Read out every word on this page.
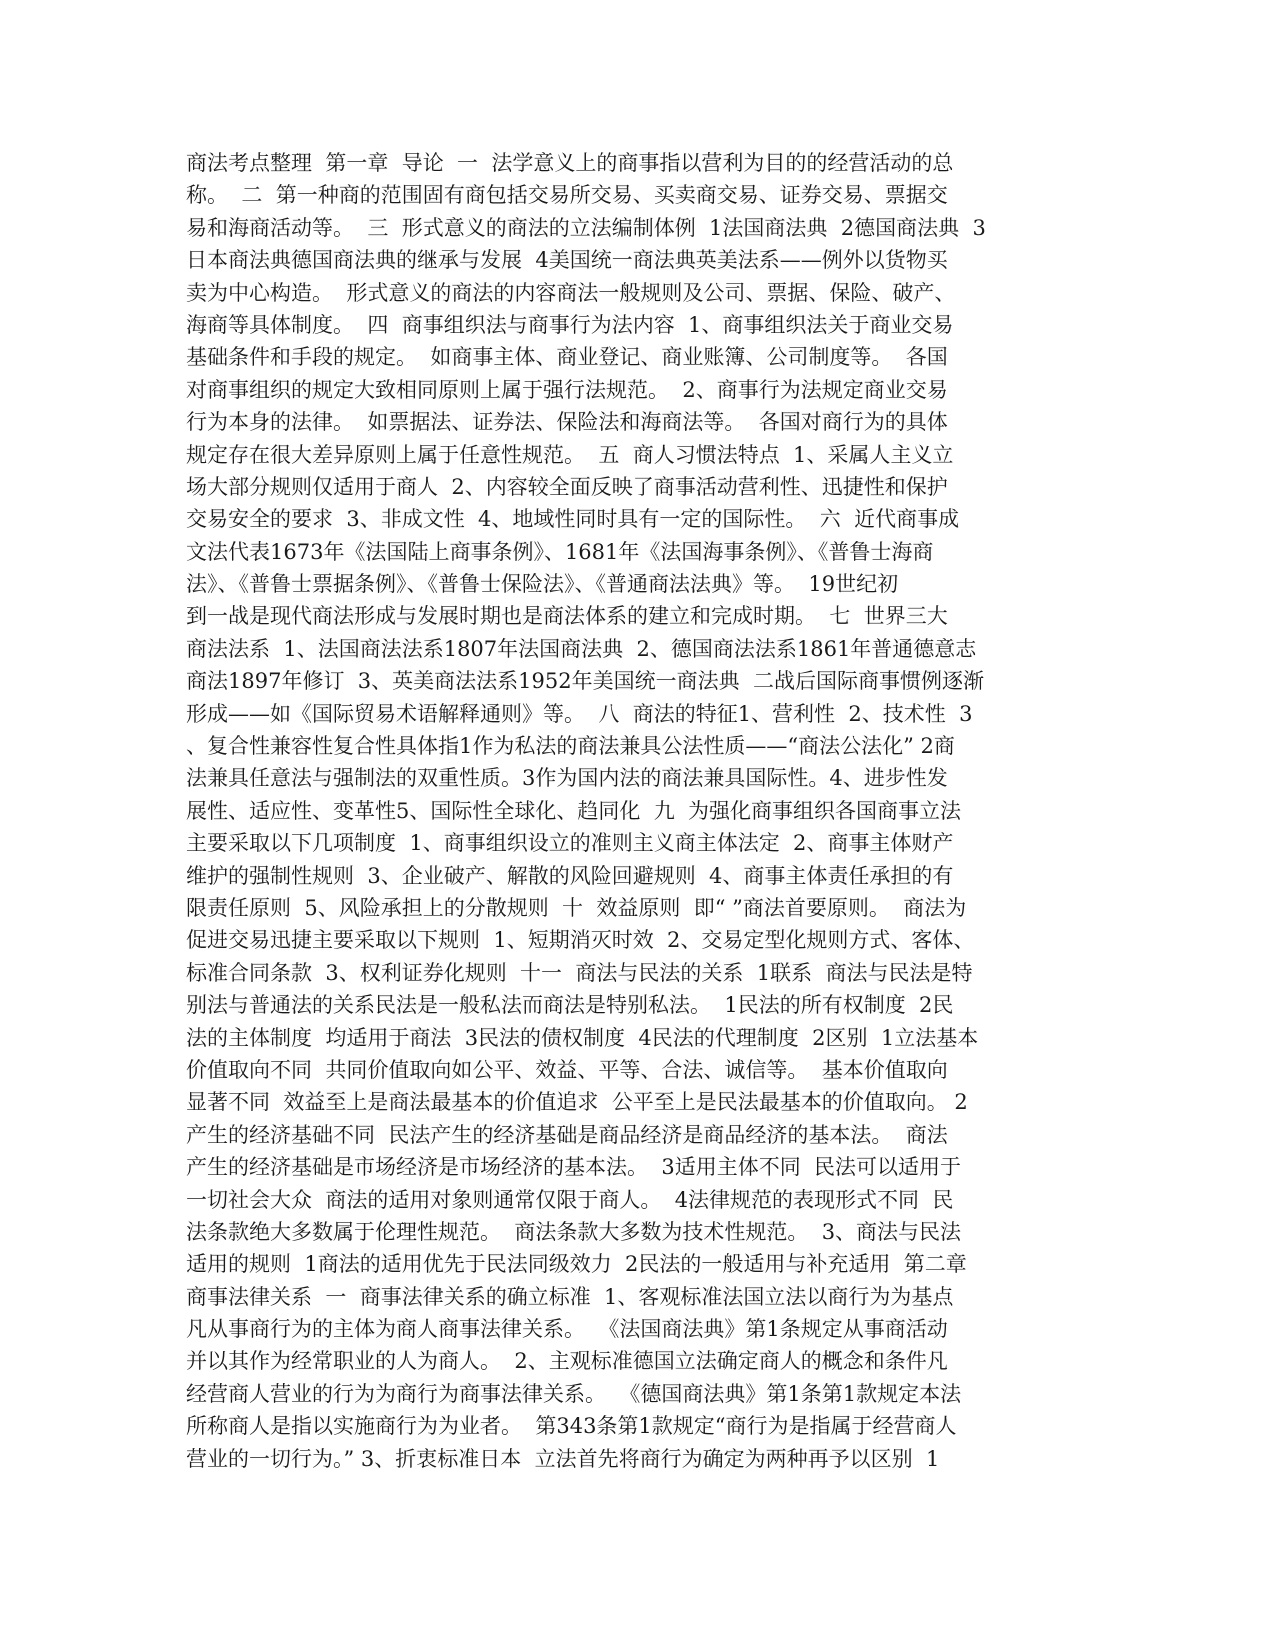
商法考点整理  第一章  导论  一  法学意义上的商事指以营利为目的的经营活动的总
称。  二  第一种商的范围固有商包括交易所交易、买卖商交易、证券交易、票据交
易和海商活动等。  三  形式意义的商法的立法编制体例  1法国商法典  2德国商法典  3
日本商法典德国商法典的继承与发展  4美国统一商法典英美法系——例外以货物买
卖为中心构造。  形式意义的商法的内容商法一般规则及公司、票据、保险、破产、
海商等具体制度。  四  商事组织法与商事行为法内容  1、商事组织法关于商业交易
基础条件和手段的规定。  如商事主体、商业登记、商业账簿、公司制度等。  各国
对商事组织的规定大致相同原则上属于强行法规范。  2、商事行为法规定商业交易
行为本身的法律。  如票据法、证券法、保险法和海商法等。  各国对商行为的具体
规定存在很大差异原则上属于任意性规范。  五  商人习惯法特点  1、采属人主义立
场大部分规则仅适用于商人  2、内容较全面反映了商事活动营利性、迅捷性和保护
交易安全的要求  3、非成文性  4、地域性同时具有一定的国际性。  六  近代商事成
文法代表1673年《法国陆上商事条例》、1681年《法国海事条例》、《普鲁士海商
法》、《普鲁士票据条例》、《普鲁士保险法》、《普通商法法典》等。  19世纪初
到一战是现代商法形成与发展时期也是商法体系的建立和完成时期。  七  世界三大
商法法系  1、法国商法法系1807年法国商法典  2、德国商法法系1861年普通德意志
商法1897年修订  3、英美商法法系1952年美国统一商法典  二战后国际商事惯例逐渐
形成——如《国际贸易术语解释通则》等。  八  商法的特征1、营利性  2、技术性  3
、复合性兼容性复合性具体指1作为私法的商法兼具公法性质——“商法公法化” 2商
法兼具任意法与强制法的双重性质。3作为国内法的商法兼具国际性。4、进步性发
展性、适应性、变革性5、国际性全球化、趋同化  九  为强化商事组织各国商事立法
主要采取以下几项制度  1、商事组织设立的准则主义商主体法定  2、商事主体财产
维护的强制性规则  3、企业破产、解散的风险回避规则  4、商事主体责任承担的有
限责任原则  5、风险承担上的分散规则  十  效益原则  即“ ”商法首要原则。  商法为
促进交易迅捷主要采取以下规则  1、短期消灭时效  2、交易定型化规则方式、客体、
标准合同条款  3、权利证券化规则  十一  商法与民法的关系  1联系  商法与民法是特
别法与普通法的关系民法是一般私法而商法是特别私法。  1民法的所有权制度  2民
法的主体制度  均适用于商法  3民法的债权制度  4民法的代理制度  2区别  1立法基本
价值取向不同  共同价值取向如公平、效益、平等、合法、诚信等。  基本价值取向
显著不同  效益至上是商法最基本的价值追求  公平至上是民法最基本的价值取向。 2
产生的经济基础不同  民法产生的经济基础是商品经济是商品经济的基本法。  商法
产生的经济基础是市场经济是市场经济的基本法。  3适用主体不同  民法可以适用于
一切社会大众  商法的适用对象则通常仅限于商人。  4法律规范的表现形式不同  民
法条款绝大多数属于伦理性规范。  商法条款大多数为技术性规范。  3、商法与民法
适用的规则  1商法的适用优先于民法同级效力  2民法的一般适用与补充适用  第二章
商事法律关系  一  商事法律关系的确立标准  1、客观标准法国立法以商行为为基点
凡从事商行为的主体为商人商事法律关系。  《法国商法典》第1条规定从事商活动
并以其作为经常职业的人为商人。  2、主观标准德国立法确定商人的概念和条件凡
经营商人营业的行为为商行为商事法律关系。  《德国商法典》第1条第1款规定本法
所称商人是指以实施商行为为业者。  第343条第1款规定“商行为是指属于经营商人
营业的一切行为。” 3、折衷标准日本  立法首先将商行为确定为两种再予以区别  1
